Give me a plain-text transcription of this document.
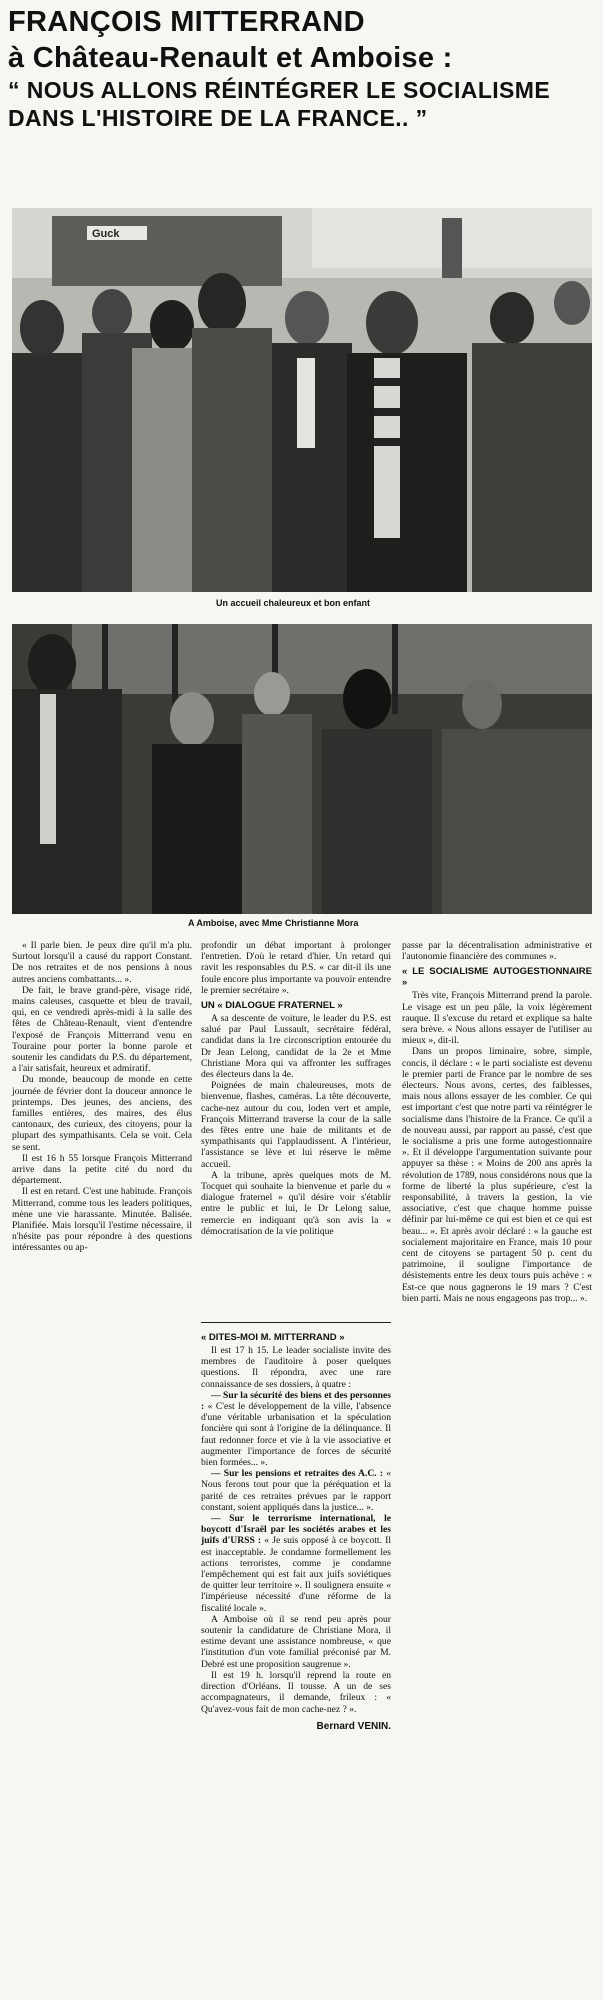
FRANÇOIS MITTERRAND
à Château-Renault et Amboise :
“ NOUS ALLONS RÉINTÉGRER LE SOCIALISME
DANS L'HISTOIRE DE LA FRANCE.. ”
Guck
Un accueil chaleureux et bon enfant
A Amboise, avec Mme Christianne Mora

« Il parle bien. Je peux dire qu'il m'a plu. Surtout lorsqu'il a causé du rapport Constant. De nos retraites et de nos pensions à nous autres anciens combattants... ».

De fait, le brave grand-père, visage ridé, mains caleuses, casquette et bleu de travail, qui, en ce vendredi après-midi à la salle des fêtes de Château-Renault, vient d'entendre l'exposé de François Mitterrand venu en Touraine pour porter la bonne parole et soutenir les candidats du P.S. du département, a l'air satisfait, heureux et admiratif.

Du monde, beaucoup de monde en cette journée de février dont la douceur annonce le printemps. Des jeunes, des anciens, des familles entières, des maires, des élus cantonaux, des curieux, des citoyens, pour la plupart des sympathisants. Cela se voit. Cela se sent.

Il est 16 h 55 lorsque François Mitterrand arrive dans la petite cité du nord du département.

Il est en retard. C'est une habitude. François Mitterrand, comme tous les leaders politiques, mène une vie harassante. Minutée. Balisée. Planifiée. Mais lorsqu'il l'estime nécessaire, il n'hésite pas pour répondre à des questions intéressantes ou ap-

profondir un débat important à prolonger l'entretien. D'où le retard d'hier. Un retard qui ravit les responsables du P.S. « car dit-il ils une foule encore plus importante va pouvoir entendre le premier secrétaire ».

UN « DIALOGUE FRATERNEL »

A sa descente de voiture, le leader du P.S. est salué par Paul Lussault, secrétaire fédéral, candidat dans la 1re circonscription entourée du Dr Jean Lelong, candidat de la 2e et Mme Christiane Mora qui va affronter les suffrages des électeurs dans la 4e.

Poignées de main chaleureuses, mots de bienvenue, flashes, caméras. La tête découverte, cache-nez autour du cou, loden vert et ample, François Mitterrand traverse la cour de la salle des fêtes entre une haie de militants et de sympathisants qui l'applaudissent. A l'intérieur, l'assistance se lève et lui réserve le même accueil.

A la tribune, après quelques mots de M. Tocquet qui souhaite la bienvenue et parle du « dialogue fraternel » qu'il désire voir s'établir entre le public et lui, le Dr Lelong salue, remercie en indiquant qu'à son avis la « démocratisation de la vie politique

passe par la décentralisation administrative et l'autonomie financière des communes ».

« LE SOCIALISME AUTOGESTIONNAIRE »

Très vite, François Mitterrand prend la parole. Le visage est un peu pâle, la voix légèrement rauque. Il s'excuse du retard et explique sa halte sera brève. « Nous allons essayer de l'utiliser au mieux », dit-il.

Dans un propos liminaire, sobre, simple, concis, il déclare : « le parti socialiste est devenu le premier parti de France par le nombre de ses électeurs. Nous avons, certes, des faiblesses, mais nous allons essayer de les combler. Ce qui est important c'est que notre parti va réintégrer le socialisme dans l'histoire de la France. Ce qu'il a de nouveau aussi, par rapport au passé, c'est que le socialisme a pris une forme autogestionnaire ». Et il développe l'argumentation suivante pour appuyer sa thèse : « Moins de 200 ans après la révolution de 1789, nous considérons nous que la forme de liberté la plus supérieure, c'est la responsabilité, à travers la gestion, la vie associative, c'est que chaque homme puisse définir par lui-même ce qui est bien et ce qui est beau... ». Et après avoir déclaré : « la gauche est socialement majoritaire en France, mais 10 pour cent de citoyens se partagent 50 p. cent du patrimoine, il souligne l'importance de désistements entre les deux tours puis achève : « Est-ce que nous gagnerons le 19 mars ? C'est bien parti. Mais ne nous engageons pas trop... ».

« DITES-MOI M. MITTERRAND »

Il est 17 h 15. Le leader socialiste invite des membres de l'auditoire à poser quelques questions. Il répondra, avec une rare connaissance de ses dossiers, à quatre :

— Sur la sécurité des biens et des personnes : « C'est le développement de la ville, l'absence d'une véritable urbanisation et la spéculation foncière qui sont à l'origine de la délinquance. Il faut redonner force et vie à la vie associative et augmenter l'importance de forces de sécurité bien formées... ».

— Sur les pensions et retraites des A.C. : « Nous ferons tout pour que la péréquation et la parité de ces retraites prévues par le rapport constant, soient appliqués dans la justice... ».

— Sur le terrorisme international, le boycott d'Israël par les sociétés arabes et les juifs d'URSS : « Je suis opposé à ce boycott. Il est inacceptable. Je condamne formellement les actions terroristes, comme je condamne l'empêchement qui est fait aux juifs soviétiques de quitter leur territoire ». Il soulignera ensuite « l'impérieuse nécessité d'une réforme de la fiscalité locale ».

A Amboise où il se rend peu après pour soutenir la candidature de Christiane Mora, il estime devant une assistance nombreuse, « que l'institution d'un vote familial préconisé par M. Debré est une proposition saugrenue ».

Il est 19 h. lorsqu'il reprend la route en direction d'Orléans. Il tousse. A un de ses accompagnateurs, il demande, frileux : « Qu'avez-vous fait de mon cache-nez ? ».

Bernard VENIN.
